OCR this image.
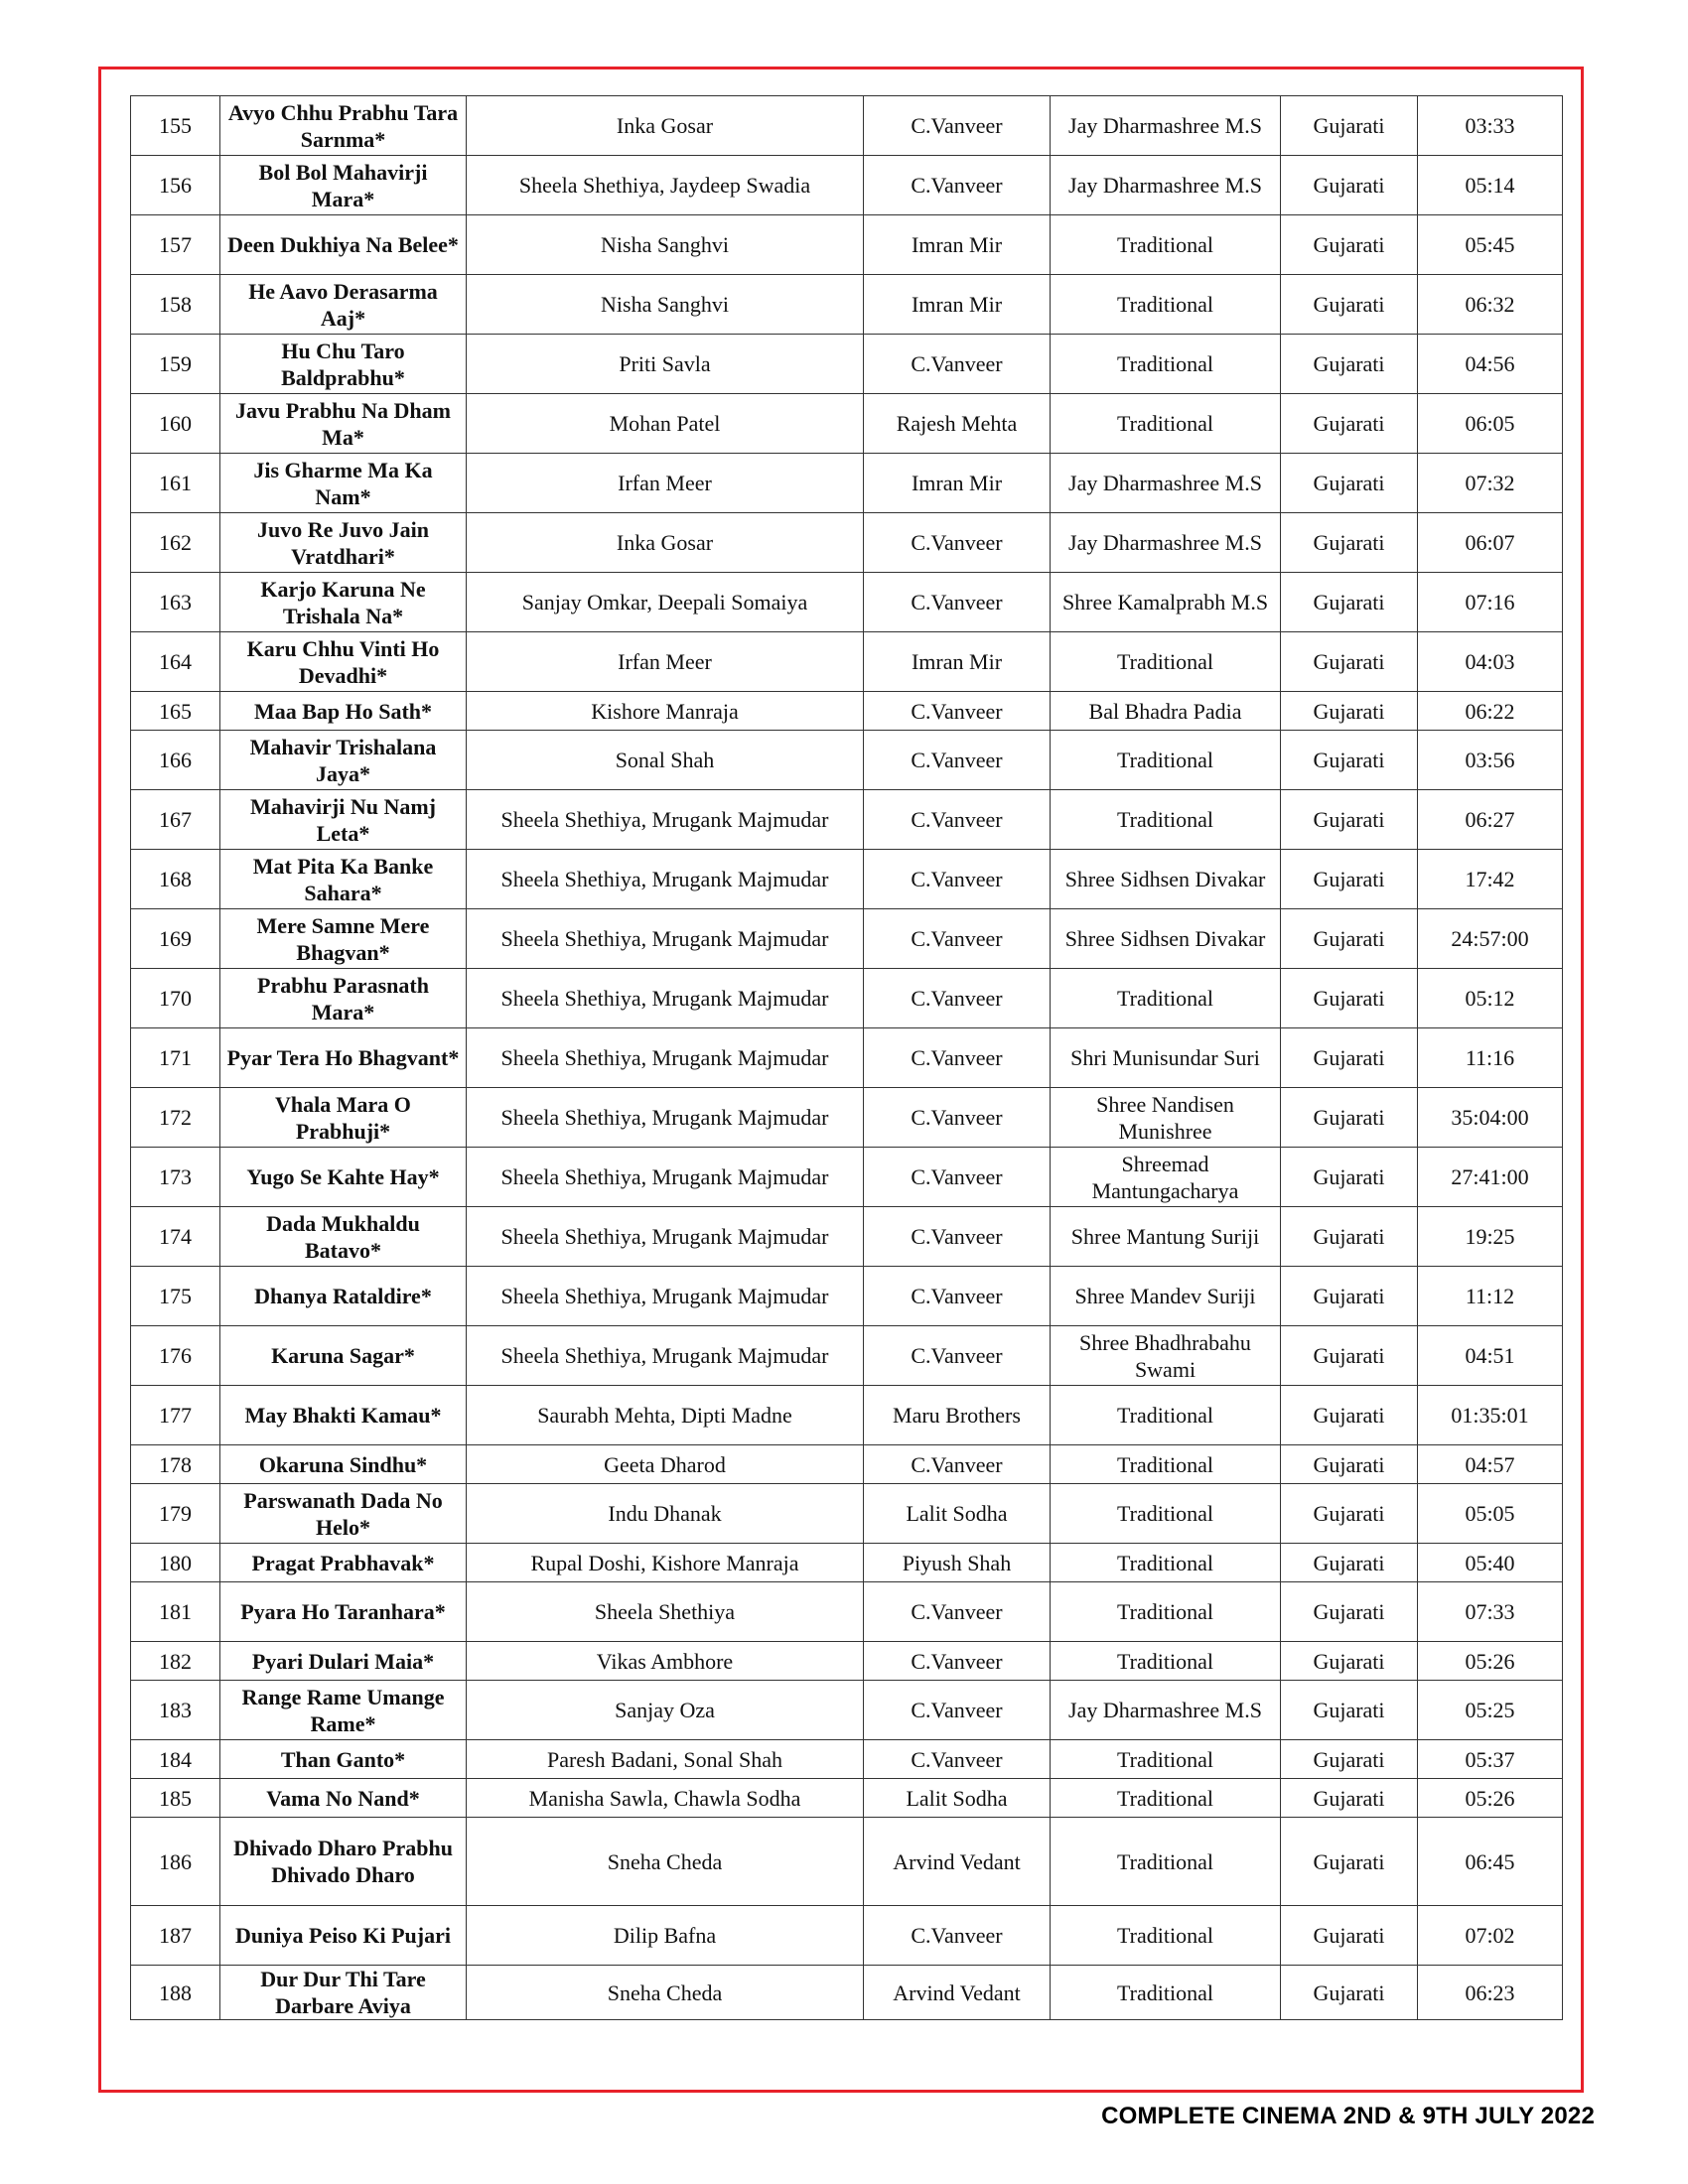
155	Avyo Chhu Prabhu Tara Sarnma*	Inka Gosar	C.Vanveer	Jay Dharmashree M.S	Gujarati	03:33
156	Bol Bol Mahavirji Mara*	Sheela Shethiya, Jaydeep Swadia	C.Vanveer	Jay Dharmashree M.S	Gujarati	05:14
157	Deen Dukhiya Na Belee*	Nisha Sanghvi	Imran Mir	Traditional	Gujarati	05:45
158	He Aavo Derasarma Aaj*	Nisha Sanghvi	Imran Mir	Traditional	Gujarati	06:32
159	Hu Chu Taro Baldprabhu*	Priti Savla	C.Vanveer	Traditional	Gujarati	04:56
160	Javu Prabhu Na Dham Ma*	Mohan Patel	Rajesh Mehta	Traditional	Gujarati	06:05
161	Jis Gharme Ma Ka Nam*	Irfan Meer	Imran Mir	Jay Dharmashree M.S	Gujarati	07:32
162	Juvo Re Juvo Jain Vratdhari*	Inka Gosar	C.Vanveer	Jay Dharmashree M.S	Gujarati	06:07
163	Karjo Karuna Ne Trishala Na*	Sanjay Omkar, Deepali Somaiya	C.Vanveer	Shree Kamalprabh M.S	Gujarati	07:16
164	Karu Chhu Vinti Ho Devadhi*	Irfan Meer	Imran Mir	Traditional	Gujarati	04:03
165	Maa Bap Ho Sath*	Kishore Manraja	C.Vanveer	Bal Bhadra Padia	Gujarati	06:22
166	Mahavir Trishalana Jaya*	Sonal Shah	C.Vanveer	Traditional	Gujarati	03:56
167	Mahavirji Nu Namj Leta*	Sheela Shethiya, Mrugank Majmudar	C.Vanveer	Traditional	Gujarati	06:27
168	Mat Pita Ka Banke Sahara*	Sheela Shethiya, Mrugank Majmudar	C.Vanveer	Shree Sidhsen Divakar	Gujarati	17:42
169	Mere Samne Mere Bhagvan*	Sheela Shethiya, Mrugank Majmudar	C.Vanveer	Shree Sidhsen Divakar	Gujarati	24:57:00
170	Prabhu Parasnath Mara*	Sheela Shethiya, Mrugank Majmudar	C.Vanveer	Traditional	Gujarati	05:12
171	Pyar Tera Ho Bhagvant*	Sheela Shethiya, Mrugank Majmudar	C.Vanveer	Shri Munisundar Suri	Gujarati	11:16
172	Vhala Mara O Prabhuji*	Sheela Shethiya, Mrugank Majmudar	C.Vanveer	Shree Nandisen Munishree	Gujarati	35:04:00
173	Yugo Se Kahte Hay*	Sheela Shethiya, Mrugank Majmudar	C.Vanveer	Shreemad Mantungacharya	Gujarati	27:41:00
174	Dada Mukhaldu Batavo*	Sheela Shethiya, Mrugank Majmudar	C.Vanveer	Shree Mantung Suriji	Gujarati	19:25
175	Dhanya Rataldire*	Sheela Shethiya, Mrugank Majmudar	C.Vanveer	Shree Mandev Suriji	Gujarati	11:12
176	Karuna Sagar*	Sheela Shethiya, Mrugank Majmudar	C.Vanveer	Shree Bhadhrabahu Swami	Gujarati	04:51
177	May Bhakti Kamau*	Saurabh Mehta, Dipti Madne	Maru Brothers	Traditional	Gujarati	01:35:01
178	Okaruna Sindhu*	Geeta Dharod	C.Vanveer	Traditional	Gujarati	04:57
179	Parswanath Dada No Helo*	Indu Dhanak	Lalit Sodha	Traditional	Gujarati	05:05
180	Pragat Prabhavak*	Rupal Doshi, Kishore Manraja	Piyush Shah	Traditional	Gujarati	05:40
181	Pyara Ho Taranhara*	Sheela Shethiya	C.Vanveer	Traditional	Gujarati	07:33
182	Pyari Dulari Maia*	Vikas Ambhore	C.Vanveer	Traditional	Gujarati	05:26
183	Range Rame Umange Rame*	Sanjay Oza	C.Vanveer	Jay Dharmashree M.S	Gujarati	05:25
184	Than Ganto*	Paresh Badani, Sonal Shah	C.Vanveer	Traditional	Gujarati	05:37
185	Vama No Nand*	Manisha Sawla, Chawla Sodha	Lalit Sodha	Traditional	Gujarati	05:26
186	Dhivado Dharo Prabhu Dhivado Dharo	Sneha Cheda	Arvind Vedant	Traditional	Gujarati	06:45
187	Duniya Peiso Ki Pujari	Dilip Bafna	C.Vanveer	Traditional	Gujarati	07:02
188	Dur Dur Thi Tare Darbare Aviya	Sneha Cheda	Arvind Vedant	Traditional	Gujarati	06:23
COMPLETE CINEMA 2ND & 9TH JULY 2022
